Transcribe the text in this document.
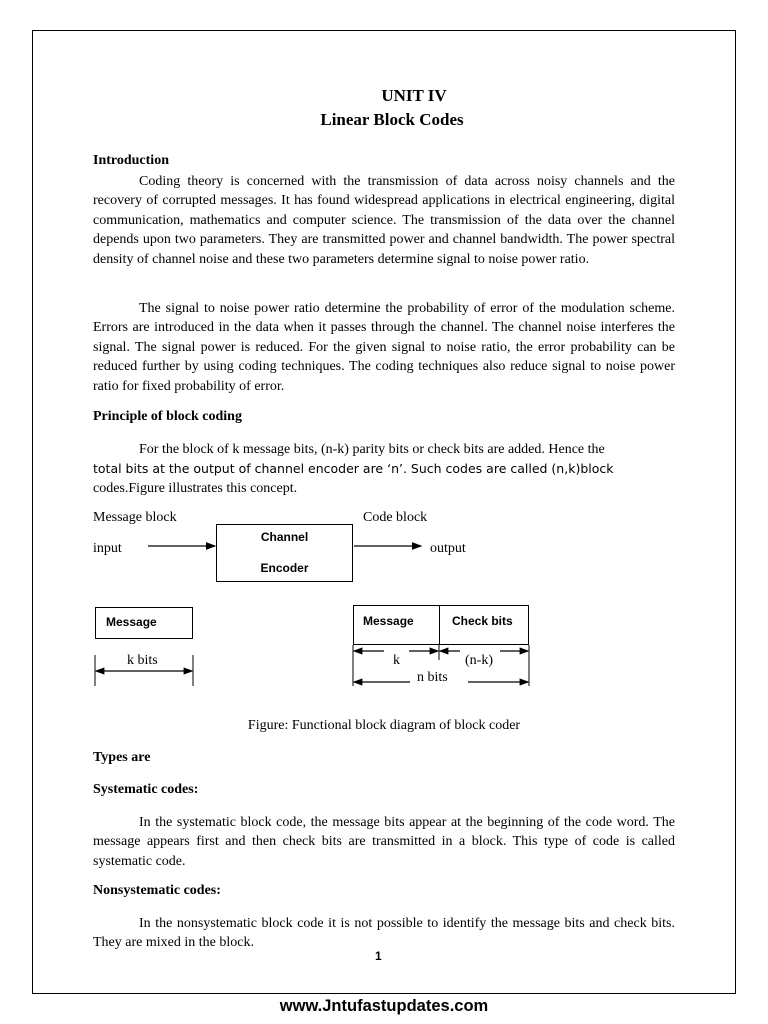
UNIT IV
Linear Block Codes
Introduction
Coding theory is concerned with the transmission of data across noisy channels and the recovery of corrupted messages. It has found widespread applications in electrical engineering, digital communication, mathematics and computer science. The transmission of the data over the channel depends upon two parameters. They are transmitted power and channel bandwidth. The power spectral density of channel noise and these two parameters determine signal to noise power ratio.
The signal to noise power ratio determine the probability of error of the modulation scheme. Errors are introduced in the data when it passes through the channel. The channel noise interferes the signal. The signal power is reduced. For the given signal to noise ratio, the error probability can be reduced further by using coding techniques. The coding techniques also reduce signal to noise power ratio for fixed probability of error.
Principle of block coding
For the block of k message bits, (n-k) parity bits or check bits are added. Hence the
total bits at the output of channel encoder are ‘n’. Such codes are called (n,k)block
codes.Figure illustrates this concept.
Message block
input
Channel
Encoder
Code block
output
Message
k bits
Message	Check bits
k	(n-k)
n bits
Figure: Functional block diagram of block coder
Types are
Systematic codes:
In the systematic block code, the message bits appear at the beginning of the code word. The message appears first and then check bits are transmitted in a block. This type of code is called systematic code.
Nonsystematic codes:
In the nonsystematic block code it is not possible to identify the message bits and check bits. They are mixed in the block.
1
www.Jntufastupdates.com
